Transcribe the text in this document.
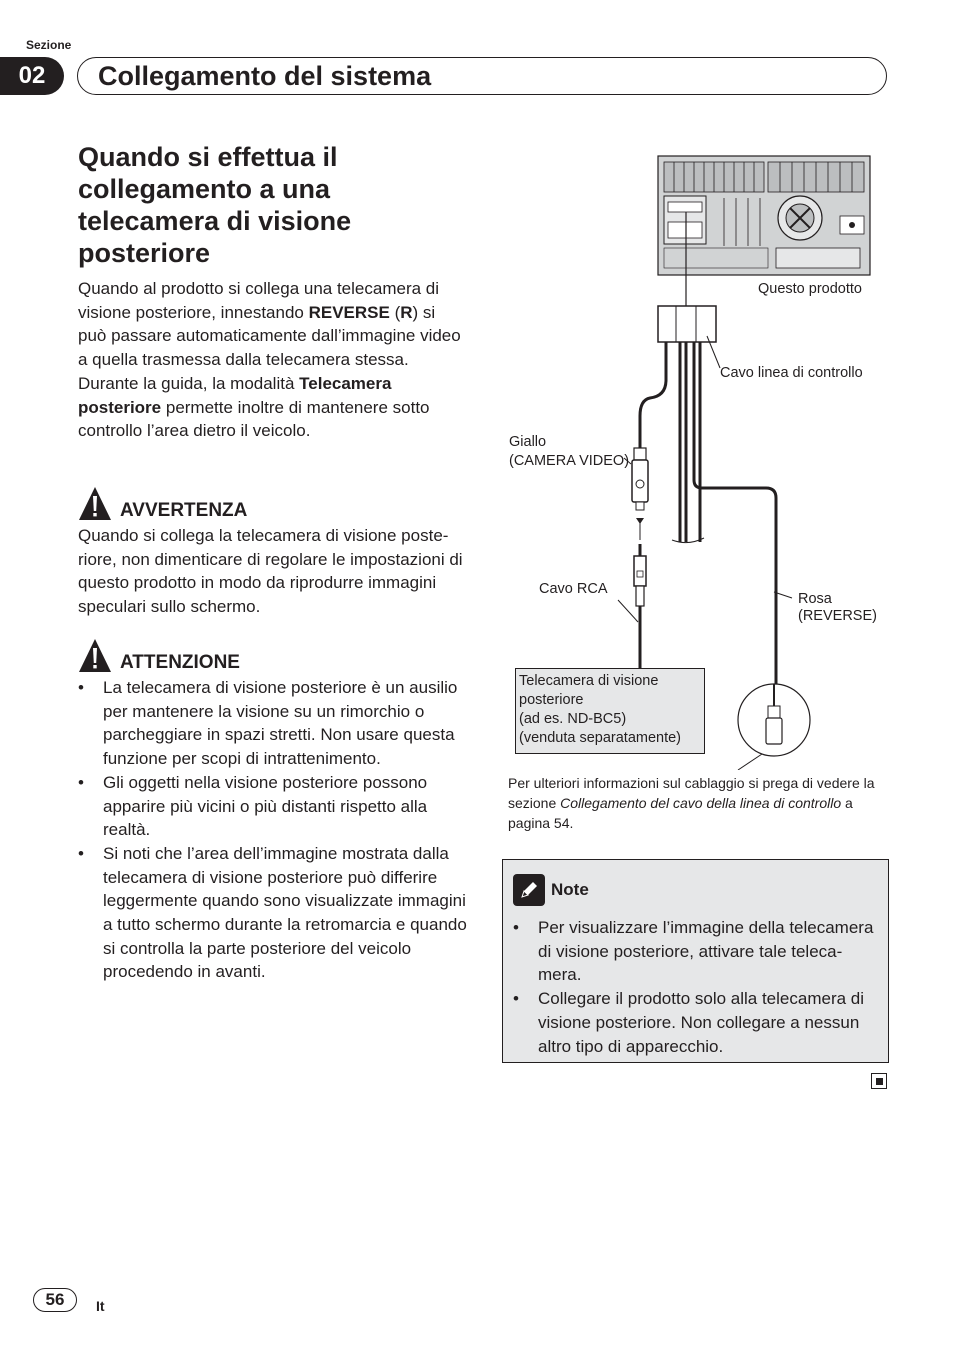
Sezione
02	Collegamento del sistema
Quando si effettua il collegamento a una telecamera di visione posteriore
Quando al prodotto si collega una telecamera di visione posteriore, innestando REVERSE (R) si può passare automaticamente dall’immagine video a quella trasmessa dalla telecamera stessa. Durante la guida, la modalità Telecamera posteriore permette inoltre di mantenere sotto controllo l’area dietro il veicolo.
AVVERTENZA
Quando si collega la telecamera di visione posteriore, non dimenticare di regolare le impostazioni di questo prodotto in modo da riprodurre immagini speculari sullo schermo.
ATTENZIONE
• La telecamera di visione posteriore è un ausilio per mantenere la visione su un rimorchio o parcheggiare in spazi stretti. Non usare questa funzione per scopi di intrattenimento.
• Gli oggetti nella visione posteriore possono apparire più vicini o più distanti rispetto alla realtà.
• Si noti che l’area dell’immagine mostrata dalla telecamera di visione posteriore può differire leggermente quando sono visualizzate immagini a tutto schermo durante la retromarcia e quando si controlla la parte posteriore del veicolo procedendo in avanti.
Questo prodotto
Cavo linea di controllo
Giallo
(CAMERA VIDEO)
Cavo RCA
Rosa
(REVERSE)
Telecamera di visione
posteriore
(ad es. ND-BC5)
(venduta separatamente)
Per ulteriori informazioni sul cablaggio si prega di vedere la sezione Collegamento del cavo della linea di controllo a pagina 54.
Note
• Per visualizzare l’immagine della telecamera di visione posteriore, attivare tale telecamera.
• Collegare il prodotto solo alla telecamera di visione posteriore. Non collegare a nessun altro tipo di apparecchio.
56	It
